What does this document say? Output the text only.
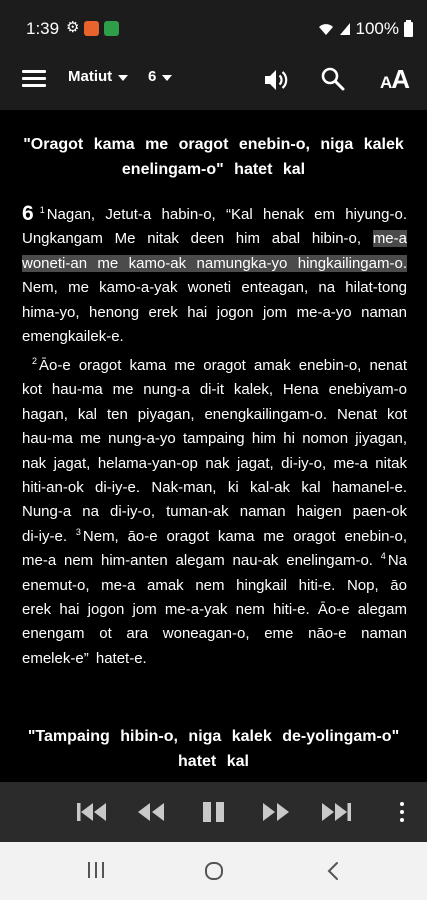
1:39 ⚙	100%
Matiut 6	AA
"Oragot kama me oragot enebin-o, niga kalek enelingam-o" hatet kal
6 $^1$ Nagan, Jetut-a habin-o, “Kal henak em hiyung-o. Ungkangam Me nitak deen him abal hibin-o, me-a woneti-an me kamo-ak namungka-yo hingkailingam-o. Nem, me kamo-a-yak woneti enteagan, na hilat-tong hima-yo, henong erek hai jogon jom me-a-yo naman emengkailek-e.
$^2$ Āo-e oragot kama me oragot amak enebin-o, nenat kot hau-ma me nung-a di-it kalek, Hena enebiyam-o hagan, kal ten piyagan, enengkailingam-o. Nenat kot hau-ma me nung-a-yo tampaing him hi nomon jiyagan, nak jagat, helama-yan-op nak jagat, di-iy-o, me-a nitak hiti-an-ok di-iy-e. Nak-man, ki kal-ak kal hamanel-e. Nung-a na di-iy-o, tuman-ak naman haigen paen-ok di-iy-e. $^3$ Nem, āo-e oragot kama me oragot enebin-o, me-a nem him-anten alegam nau-ak enelingam-o. $^4$ Na enemut-o, me-a amak nem hingkail hiti-e. Nop, āo erek hai jogon jom me-a-yak nem hiti-e. Āo-e alegam enengam ot ara woneagan-o, eme nāo-e naman emelek-e” hatet-e.
"Tampaing hibin-o, niga kalek de-yolingam-o" hatet kal
